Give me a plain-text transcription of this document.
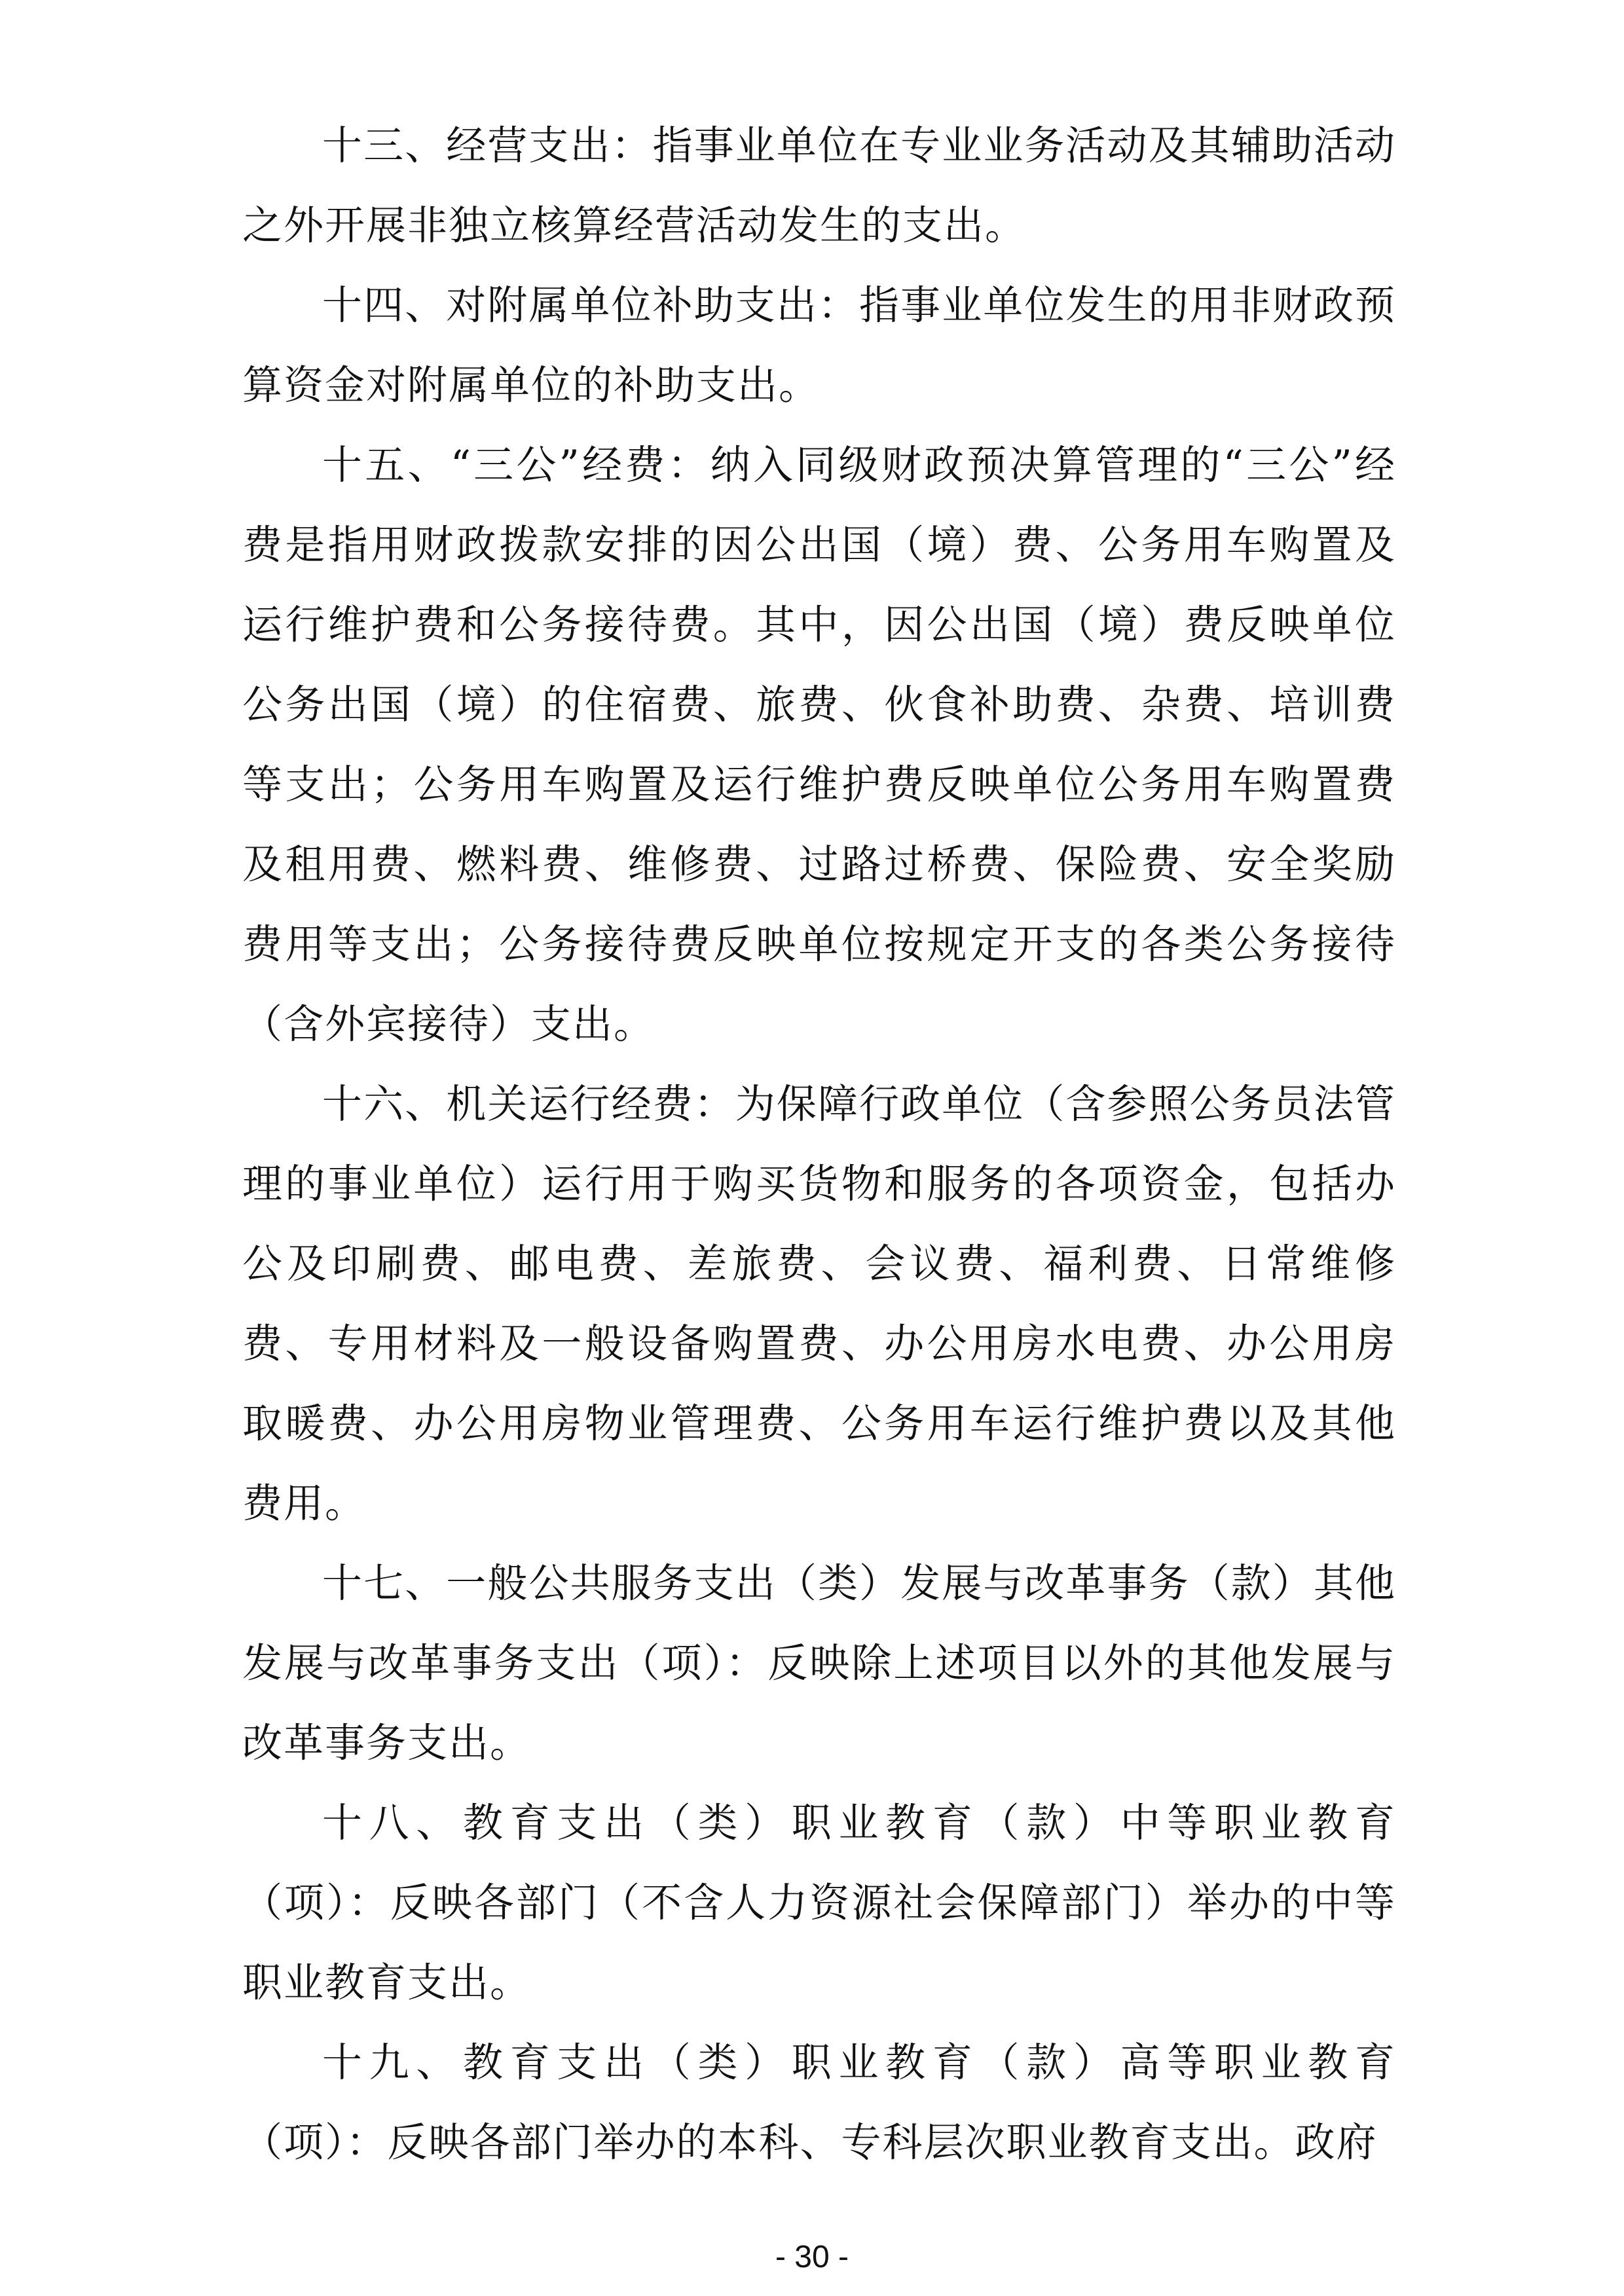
十三、经营支出：指事业单位在专业业务活动及其辅助活动之外开展非独立核算经营活动发生的支出。

十四、对附属单位补助支出：指事业单位发生的用非财政预算资金对附属单位的补助支出。

十五、“三公”经费：纳入同级财政预决算管理的“三公”经费是指用财政拨款安排的因公出国（境）费、公务用车购置及运行维护费和公务接待费。其中，因公出国（境）费反映单位公务出国（境）的住宿费、旅费、伙食补助费、杂费、培训费等支出；公务用车购置及运行维护费反映单位公务用车购置费及租用费、燃料费、维修费、过路过桥费、保险费、安全奖励费用等支出；公务接待费反映单位按规定开支的各类公务接待（含外宾接待）支出。

十六、机关运行经费：为保障行政单位（含参照公务员法管理的事业单位）运行用于购买货物和服务的各项资金，包括办公及印刷费、邮电费、差旅费、会议费、福利费、日常维修费、专用材料及一般设备购置费、办公用房水电费、办公用房取暖费、办公用房物业管理费、公务用车运行维护费以及其他费用。

十七、一般公共服务支出（类）发展与改革事务（款）其他发展与改革事务支出（项）：反映除上述项目以外的其他发展与改革事务支出。

十八、教育支出（类）职业教育（款）中等职业教育（项）：反映各部门（不含人力资源社会保障部门）举办的中等职业教育支出。

十九、教育支出（类）职业教育（款）高等职业教育（项）：反映各部门举办的本科、专科层次职业教育支出。政府

- 30 -
